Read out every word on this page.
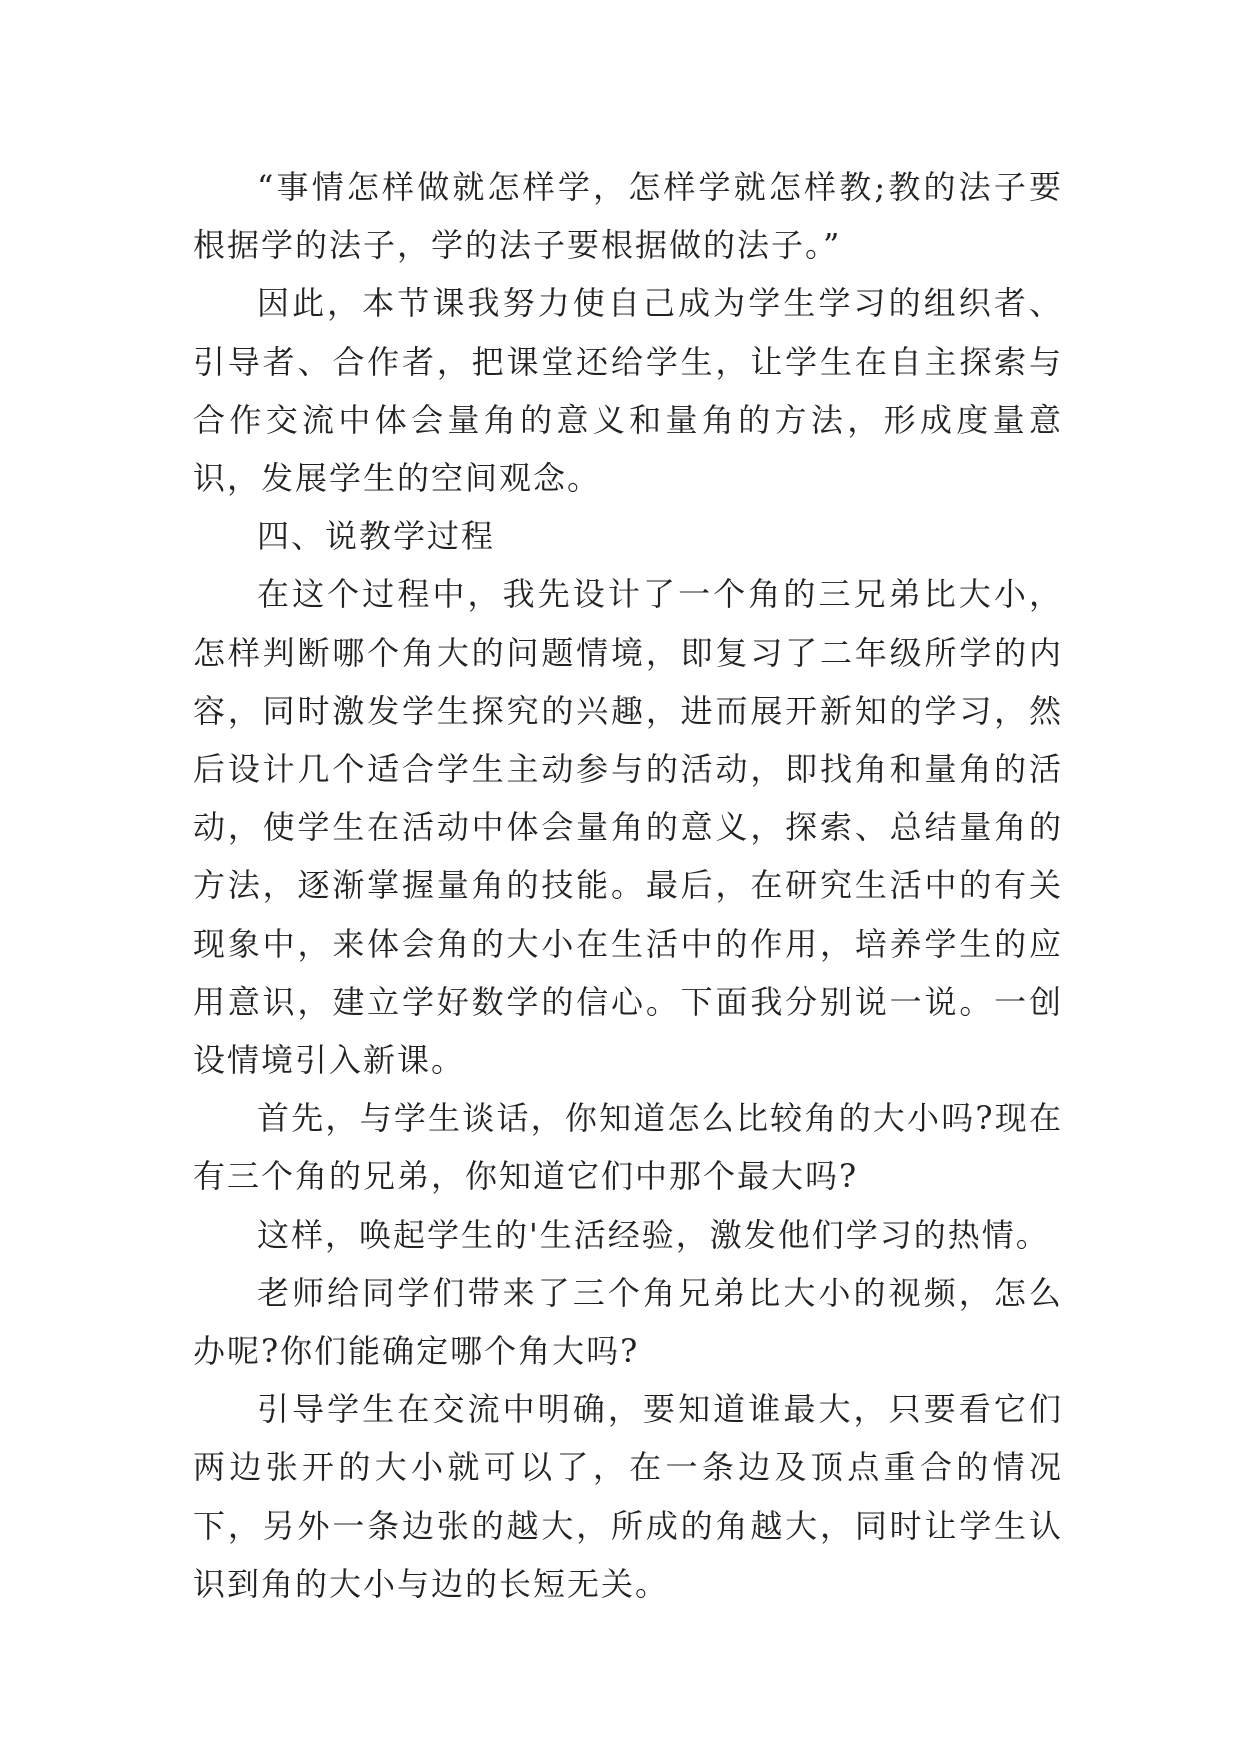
“事情怎样做就怎样学，怎样学就怎样教;教的法子要根据学的法子，学的法子要根据做的法子。”

因此，本节课我努力使自己成为学生学习的组织者、引导者、合作者，把课堂还给学生，让学生在自主探索与合作交流中体会量角的意义和量角的方法，形成度量意识，发展学生的空间观念。

四、说教学过程

在这个过程中，我先设计了一个角的三兄弟比大小，怎样判断哪个角大的问题情境，即复习了二年级所学的内容，同时激发学生探究的兴趣，进而展开新知的学习，然后设计几个适合学生主动参与的活动，即找角和量角的活动，使学生在活动中体会量角的意义，探索、总结量角的方法，逐渐掌握量角的技能。最后，在研究生活中的有关现象中，来体会角的大小在生活中的作用，培养学生的应用意识，建立学好数学的信心。下面我分别说一说。一创设情境引入新课。

首先，与学生谈话，你知道怎么比较角的大小吗?现在有三个角的兄弟，你知道它们中那个最大吗?

这样，唤起学生的'生活经验，激发他们学习的热情。

老师给同学们带来了三个角兄弟比大小的视频，怎么办呢?你们能确定哪个角大吗?

引导学生在交流中明确，要知道谁最大，只要看它们两边张开的大小就可以了，在一条边及顶点重合的情况下，另外一条边张的越大，所成的角越大，同时让学生认识到角的大小与边的长短无关。
